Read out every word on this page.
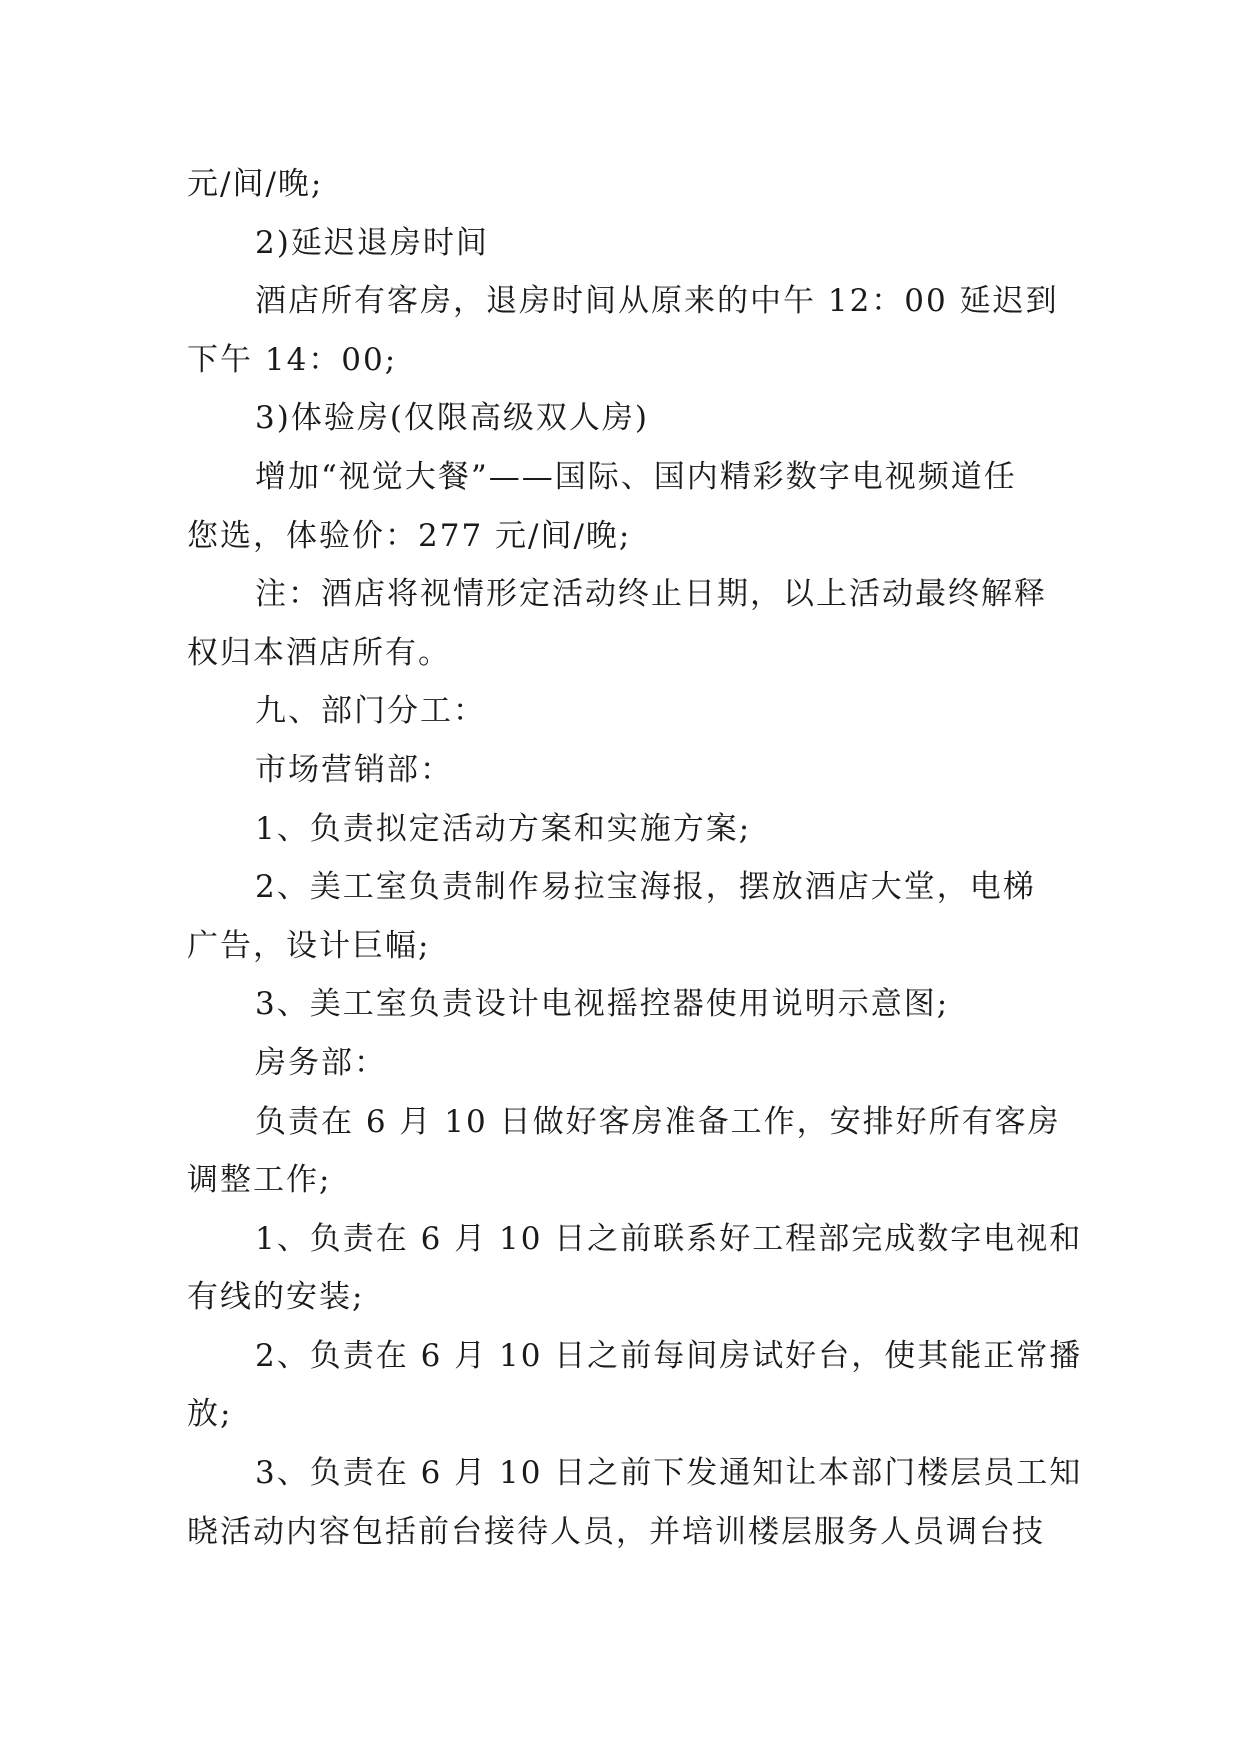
元/间/晚;

2)延迟退房时间

酒店所有客房，退房时间从原来的中午 12：00 延迟到

下午 14：00;

3)体验房(仅限高级双人房)

增加“视觉大餐”——国际、国内精彩数字电视频道任

您选，体验价：277 元/间/晚;

注：酒店将视情形定活动终止日期，以上活动最终解释

权归本酒店所有。

九、部门分工：

市场营销部：

1、负责拟定活动方案和实施方案;

2、美工室负责制作易拉宝海报，摆放酒店大堂，电梯

广告，设计巨幅;

3、美工室负责设计电视摇控器使用说明示意图;

房务部：

负责在 6 月 10 日做好客房准备工作，安排好所有客房

调整工作;

1、负责在 6 月 10 日之前联系好工程部完成数字电视和

有线的安装;

2、负责在 6 月 10 日之前每间房试好台，使其能正常播

放;

3、负责在 6 月 10 日之前下发通知让本部门楼层员工知

晓活动内容包括前台接待人员，并培训楼层服务人员调台技
